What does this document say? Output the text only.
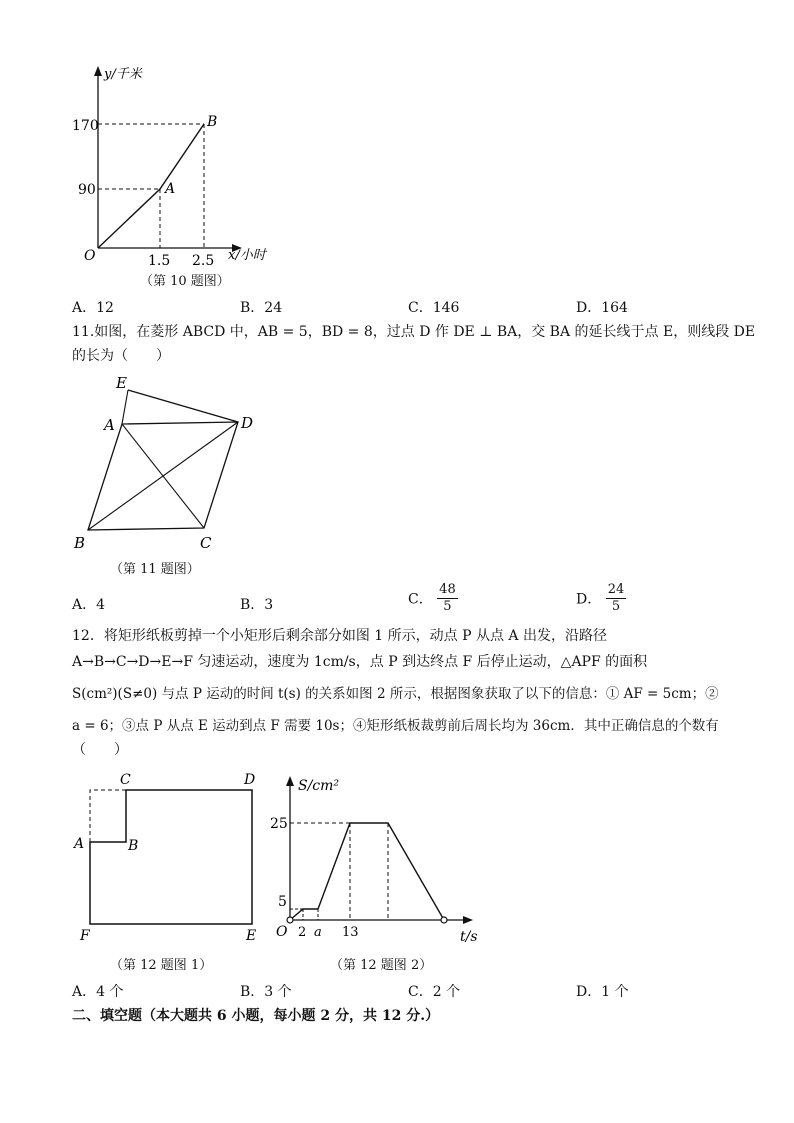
y/千米
x/小时
O
170
90
1.5 2.5
A
B
（第 10 题图）
A．12	B．24	C．146	D．164
11.如图，在菱形 ABCD 中，AB = 5，BD = 8，过点 D 作 DE ⊥ BA，交 BA 的延长线于点 E，则线段 DE
的长为（　　）
E
A	D
B	C
（第 11 题图）
A．4	B．3	C． $\frac{48}{5}$	D． $\frac{24}{5}$
12．将矩形纸板剪掉一个小矩形后剩余部分如图 1 所示，动点 P 从点 A 出发，沿路径
A→B→C→D→E→F 匀速运动，速度为 1cm/s，点 P 到达终点 F 后停止运动，△APF 的面积
S(cm²)(S≠0) 与点 P 运动的时间 t(s) 的关系如图 2 所示，根据图象获取了以下的信息：① AF = 5cm；②
a = 6；③点 P 从点 E 运动到点 F 需要 10s；④矩形纸板裁剪前后周长均为 36cm．其中正确信息的个数有
（　　）
C	D
A	B
F	E
（第 12 题图 1）
S/cm²
t/s
O
25
5
2 a 13
（第 12 题图 2）
A．4 个	B．3 个	C．2 个	D．1 个
二、填空题（本大题共 6 小题，每小题 2 分，共 12 分.）
